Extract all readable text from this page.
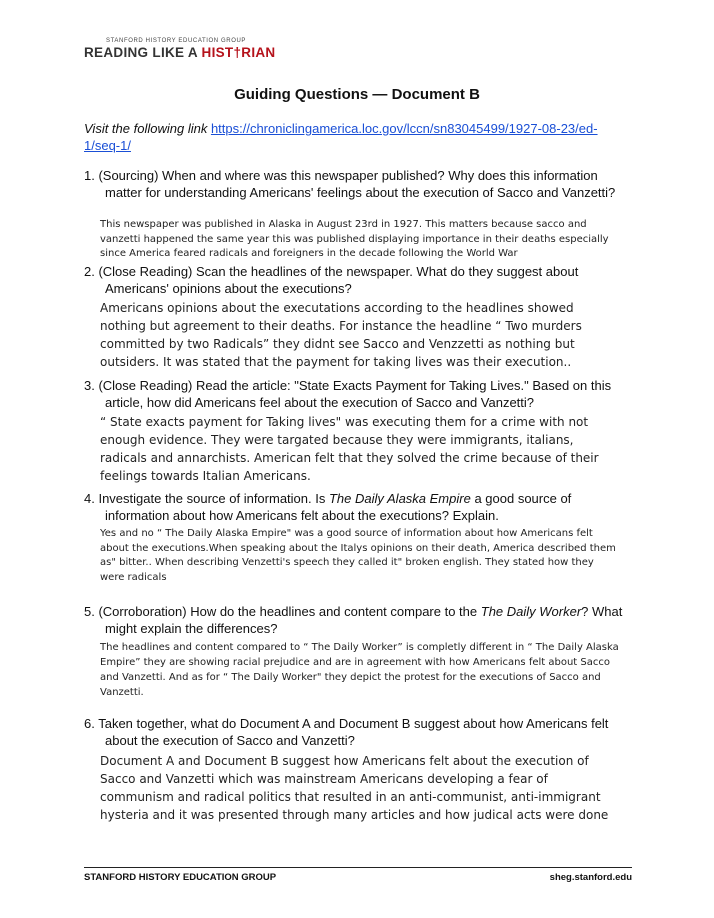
STANFORD HISTORY EDUCATION GROUP
READING LIKE A HIST†RIAN
Guiding Questions — Document B
Visit the following link https://chroniclingamerica.loc.gov/lccn/sn83045499/1927-08-23/ed-1/seq-1/
1. (Sourcing) When and where was this newspaper published? Why does this information matter for understanding Americans' feelings about the execution of Sacco and Vanzetti?
This newspaper was published in Alaska in August 23rd in 1927. This matters because sacco and vanzetti happened the same year this was published displaying importance in their deaths especially since America feared radicals and foreigners in the decade following the World War
2. (Close Reading) Scan the headlines of the newspaper. What do they suggest about Americans' opinions about the executions?
Americans opinions about the executations according to the headlines showed nothing but agreement to their deaths. For instance the headline “ Two murders committed by two Radicals” they didnt see Sacco and Venzzetti as nothing but outsiders. It was stated that the payment for taking lives was their execution..
3. (Close Reading) Read the article: "State Exacts Payment for Taking Lives." Based on this article, how did Americans feel about the execution of Sacco and Vanzetti?
“ State exacts payment for Taking lives" was executing them for a crime with not enough evidence. They were targated because they were immigrants, italians, radicals and annarchists. American felt that they solved the crime because of their feelings towards Italian Americans.
4. Investigate the source of information. Is The Daily Alaska Empire a good source of information about how Americans felt about the executions? Explain.
Yes and no “ The Daily Alaska Empire" was a good source of information about how Americans felt about the executions.When speaking about the Italys opinions on their death, America described them as" bitter.. When describing Venzetti's speech they called it" broken english. They stated how they were radicals
5. (Corroboration) How do the headlines and content compare to the The Daily Worker? What might explain the differences?
The headlines and content compared to “ The Daily Worker” is completly different in “ The Daily Alaska Empire” they are showing racial prejudice and are in agreement with how Americans felt about Sacco and Vanzetti. And as for “ The Daily Worker" they depict the protest for the executions of Sacco and Vanzetti.
6. Taken together, what do Document A and Document B suggest about how Americans felt about the execution of Sacco and Vanzetti?
Document A and Document B suggest how Americans felt about the execution of Sacco and Vanzetti which was mainstream Americans developing a fear of communism and radical politics that resulted in an anti-communist, anti-immigrant hysteria and it was presented through many articles and how judical acts were done
STANFORD HISTORY EDUCATION GROUP	sheg.stanford.edu
